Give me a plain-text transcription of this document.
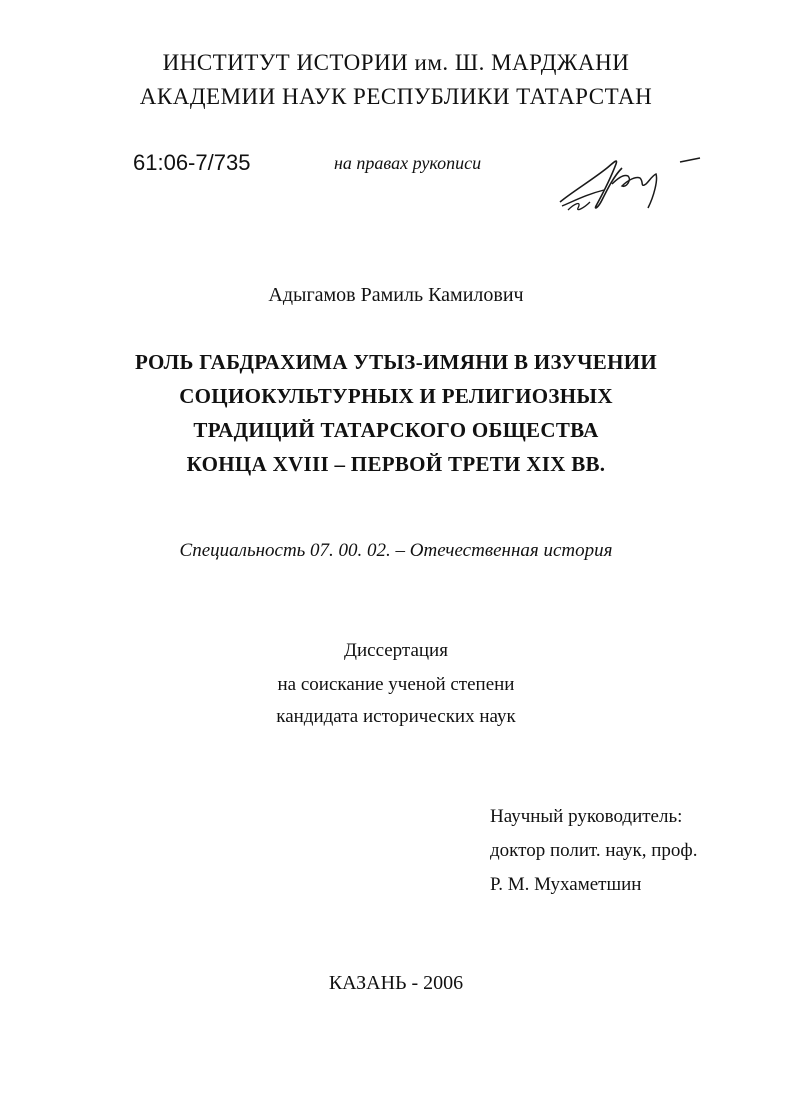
ИНСТИТУТ ИСТОРИИ им. Ш. МАРДЖАНИ
АКАДЕМИИ НАУК РЕСПУБЛИКИ ТАТАРСТАН
61:06-7/735	на правах рукописи
Адыгамов Рамиль Камилович
РОЛЬ ГАБДРАХИМА УТЫЗ-ИМЯНИ В ИЗУЧЕНИИ
СОЦИОКУЛЬТУРНЫХ И РЕЛИГИОЗНЫХ
ТРАДИЦИЙ ТАТАРСКОГО ОБЩЕСТВА
КОНЦА XVIII – ПЕРВОЙ ТРЕТИ XIX ВВ.
Специальность 07. 00. 02. – Отечественная история
Диссертация
на соискание ученой степени
кандидата исторических наук
Научный руководитель:
доктор полит. наук, проф.
Р. М. Мухаметшин
КАЗАНЬ - 2006
